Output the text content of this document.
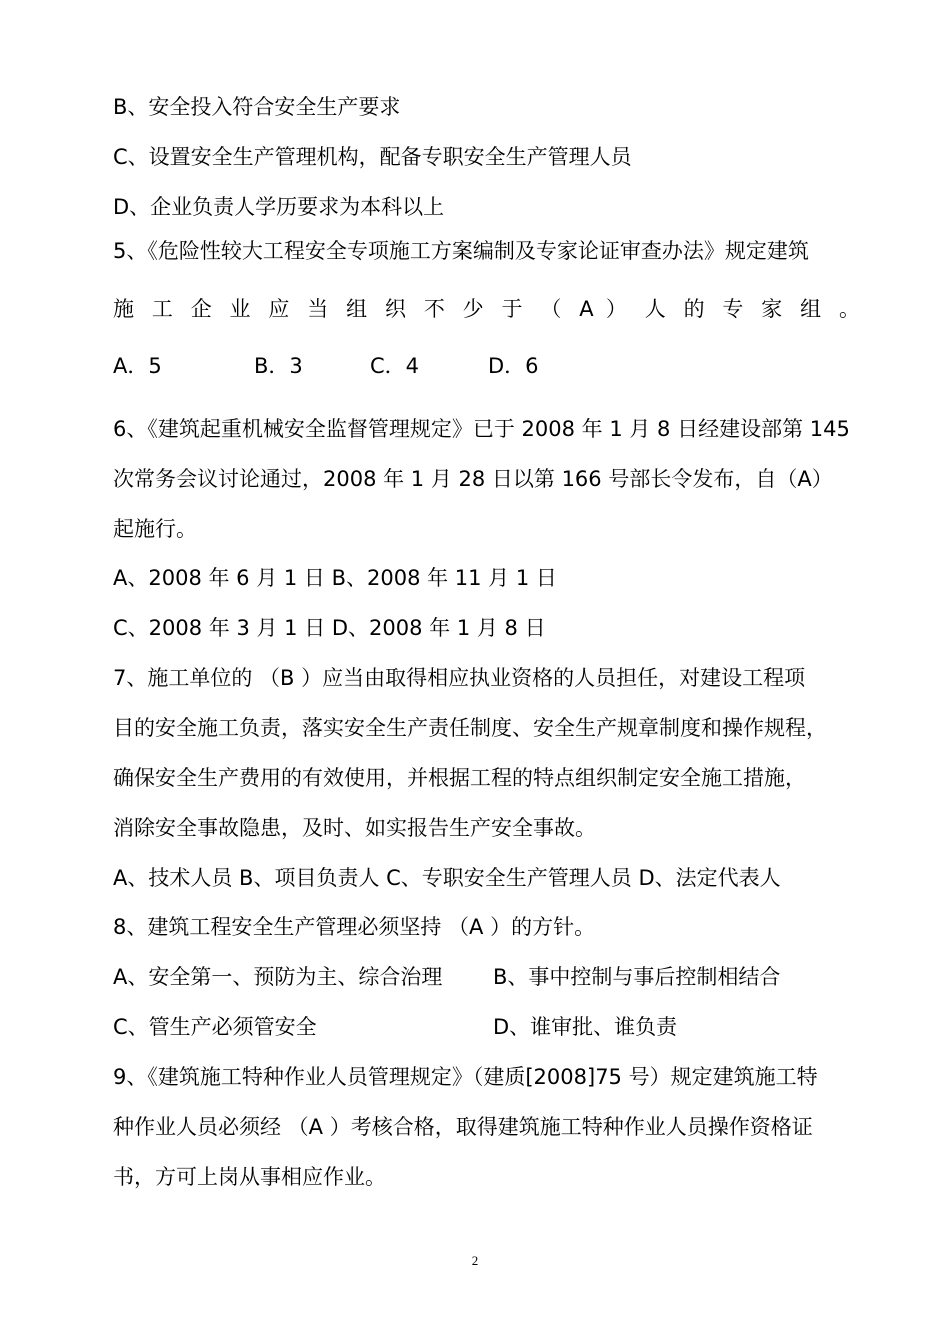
B、安全投入符合安全生产要求

C、设置安全生产管理机构，配备专职安全生产管理人员

D、企业负责人学历要求为本科以上

5、《危险性较大工程安全专项施工方案编制及专家论证审查办法》规定建筑

施 工 企 业 应 当 组 织 不 少 于 （ A ） 人 的 专 家 组 。

A．5	B．3	C．4	D．6

6、《建筑起重机械安全监督管理规定》已于 2008 年 1 月 8 日经建设部第 145

次常务会议讨论通过，2008 年 1 月 28 日以第 166 号部长令发布，自（A）

起施行。

A、2008 年 6 月 1 日 B、2008 年 11 月 1 日

C、2008 年 3 月 1 日 D、2008 年 1 月 8 日

7、施工单位的 （B ）应当由取得相应执业资格的人员担任，对建设工程项

目的安全施工负责，落实安全生产责任制度、安全生产规章制度和操作规程，

确保安全生产费用的有效使用，并根据工程的特点组织制定安全施工措施，

消除安全事故隐患，及时、如实报告生产安全事故。

A、技术人员 B、项目负责人 C、专职安全生产管理人员 D、法定代表人

8、建筑工程安全生产管理必须坚持 （A ）的方针。

A、安全第一、预防为主、综合治理 B、事中控制与事后控制相结合
C、管生产必须管安全	D、谁审批、谁负责

9、《建筑施工特种作业人员管理规定》（建质[2008]75 号）规定建筑施工特

种作业人员必须经 （A ）考核合格，取得建筑施工特种作业人员操作资格证

书，方可上岗从事相应作业。

2
